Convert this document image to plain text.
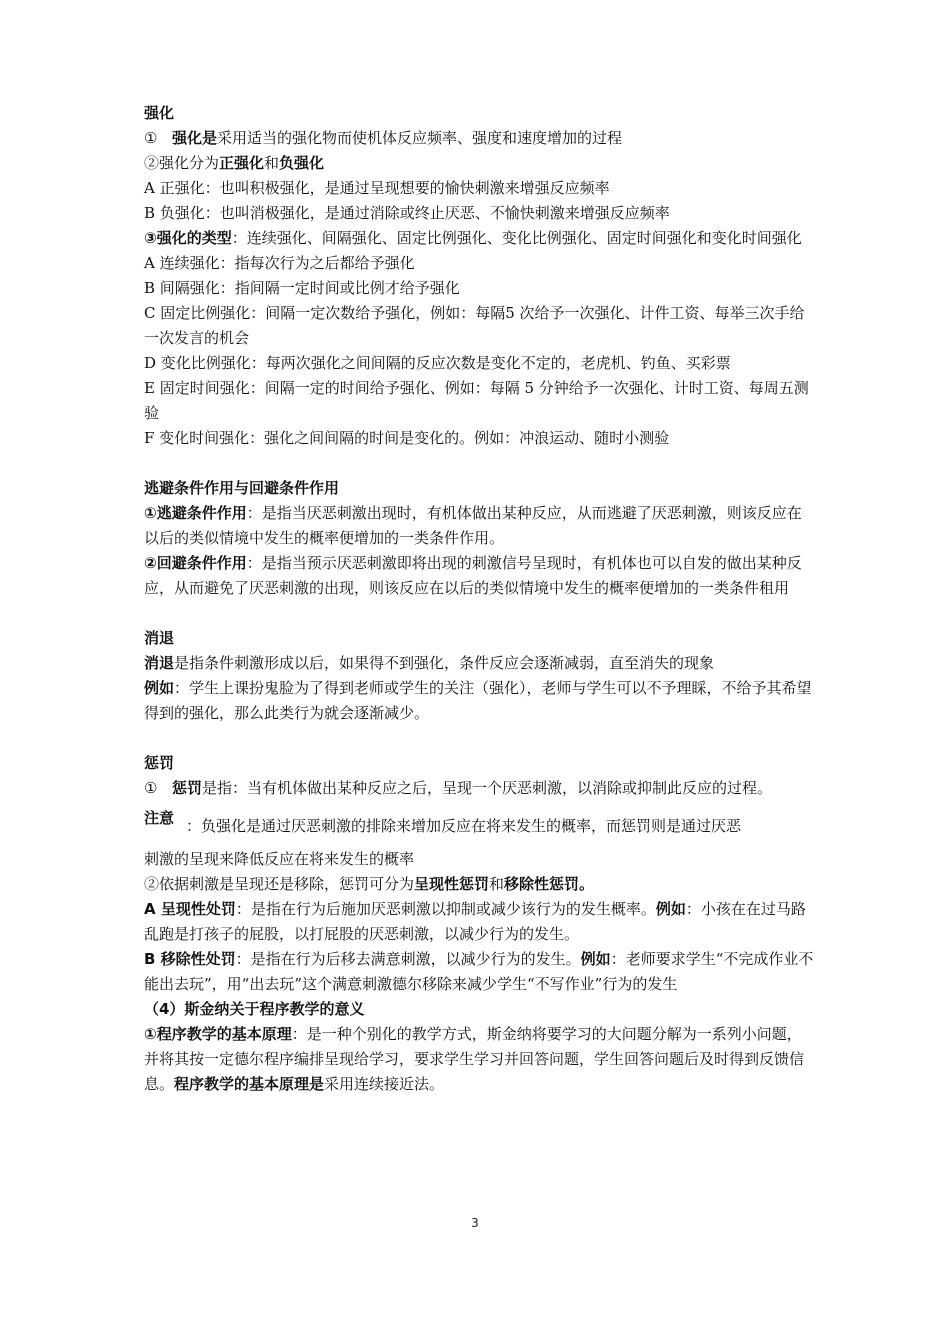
强化

① 强化是采用适当的强化物而使机体反应频率、强度和速度增加的过程

②强化分为正强化和负强化

A 正强化：也叫积极强化，是通过呈现想要的愉快刺激来增强反应频率

B 负强化：也叫消极强化，是通过消除或终止厌恶、不愉快刺激来增强反应频率

③强化的类型：连续强化、间隔强化、固定比例强化、变化比例强化、固定时间强化和变化时间强化

A 连续强化：指每次行为之后都给予强化

B 间隔强化：指间隔一定时间或比例才给予强化

C 固定比例强化：间隔一定次数给予强化，例如：每隔5 次给予一次强化、计件工资、每举三次手给一次发言的机会

D 变化比例强化：每两次强化之间间隔的反应次数是变化不定的，老虎机、钓鱼、买彩票

E 固定时间强化：间隔一定的时间给予强化、例如：每隔 5 分钟给予一次强化、计时工资、每周五测验

F 变化时间强化：强化之间间隔的时间是变化的。例如：冲浪运动、随时小测验

逃避条件作用与回避条件作用

①逃避条件作用：是指当厌恶刺激出现时，有机体做出某种反应，从而逃避了厌恶刺激，则该反应在以后的类似情境中发生的概率便增加的一类条件作用。

②回避条件作用：是指当预示厌恶刺激即将出现的刺激信号呈现时，有机体也可以自发的做出某种反应，从而避免了厌恶刺激的出现，则该反应在以后的类似情境中发生的概率便增加的一类条件租用

消退

消退是指条件刺激形成以后，如果得不到强化，条件反应会逐渐减弱，直至消失的现象

例如：学生上课扮鬼脸为了得到老师或学生的关注（强化），老师与学生可以不予理睬，不给予其希望得到的强化，那么此类行为就会逐渐减少。

惩罚

① 惩罚是指：当有机体做出某种反应之后，呈现一个厌恶刺激，以消除或抑制此反应的过程。

注意 ：负强化是通过厌恶刺激的排除来增加反应在将来发生的概率，而惩罚则是通过厌恶

刺激的呈现来降低反应在将来发生的概率

②依据刺激是呈现还是移除，惩罚可分为呈现性惩罚和移除性惩罚。

A 呈现性处罚：是指在行为后施加厌恶刺激以抑制或减少该行为的发生概率。例如：小孩在在过马路乱跑是打孩子的屁股，以打屁股的厌恶刺激，以减少行为的发生。

B 移除性处罚：是指在行为后移去满意刺激，以减少行为的发生。例如：老师要求学生“不完成作业不能出去玩”，用“出去玩”这个满意刺激德尔移除来减少学生“不写作业”行为的发生

（4）斯金纳关于程序教学的意义

①程序教学的基本原理：是一种个别化的教学方式，斯金纳将要学习的大问题分解为一系列小问题，并将其按一定德尔程序编排呈现给学习，要求学生学习并回答问题，学生回答问题后及时得到反馈信息。程序教学的基本原理是采用连续接近法。

3
